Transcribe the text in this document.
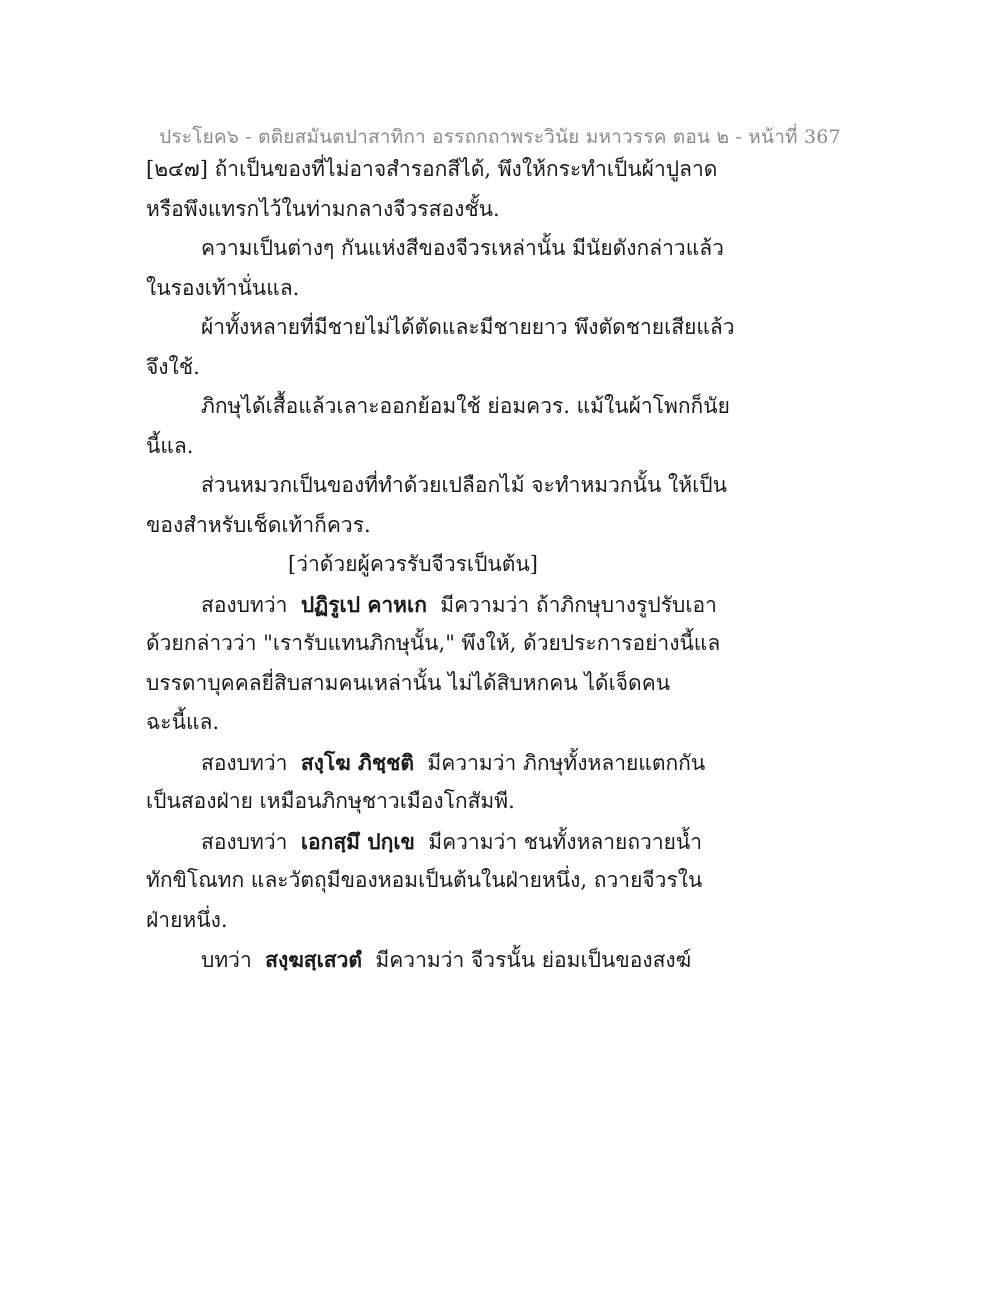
ประโยค๖ - ตติยสมันตปาสาทิกา อรรถกถาพระวินัย มหาวรรค ตอน ๒ - หน้าที่ 367
[๒๔๗] ถ้าเป็นของที่ไม่อาจสำรอกสีได้, พึงให้กระทำเป็นผ้าปูลาด
หรือพึงแทรกไว้ในท่ามกลางจีวรสองชั้น.
ความเป็นต่างๆ กันแห่งสีของจีวรเหล่านั้น มีนัยดังกล่าวแล้ว
ในรองเท้านั่นแล.
ผ้าทั้งหลายที่มีชายไม่ได้ตัดและมีชายยาว พึงตัดชายเสียแล้ว
จึงใช้.
ภิกษุได้เสื้อแล้วเลาะออกย้อมใช้ ย่อมควร. แม้ในผ้าโพกก็นัย
นี้แล.
ส่วนหมวกเป็นของที่ทำด้วยเปลือกไม้ จะทำหมวกนั้น ให้เป็น
ของสำหรับเช็ดเท้าก็ควร.
[ว่าด้วยผู้ควรรับจีวรเป็นต้น]
สองบทว่า ปฏิรูเป คาหเก มีความว่า ถ้าภิกษุบางรูปรับเอา
ด้วยกล่าวว่า "เรารับแทนภิกษุนั้น," พึงให้, ด้วยประการอย่างนี้แล
บรรดาบุคคลยี่สิบสามคนเหล่านั้น ไม่ได้สิบหกคน ได้เจ็ดคน
ฉะนี้แล.
สองบทว่า สงฺโฆ ภิชฺชติ มีความว่า ภิกษุทั้งหลายแตกกัน
เป็นสองฝ่าย เหมือนภิกษุชาวเมืองโกสัมพี.
สองบทว่า เอกสฺมึ ปกฺเข มีความว่า ชนทั้งหลายถวายน้ำ
ทักขิโณทก และวัตถุมีของหอมเป็นต้นในฝ่ายหนึ่ง, ถวายจีวรใน
ฝ่ายหนึ่ง.
บทว่า สงฺฆสฺเสวตํ มีความว่า จีวรนั้น ย่อมเป็นของสงฆ์
